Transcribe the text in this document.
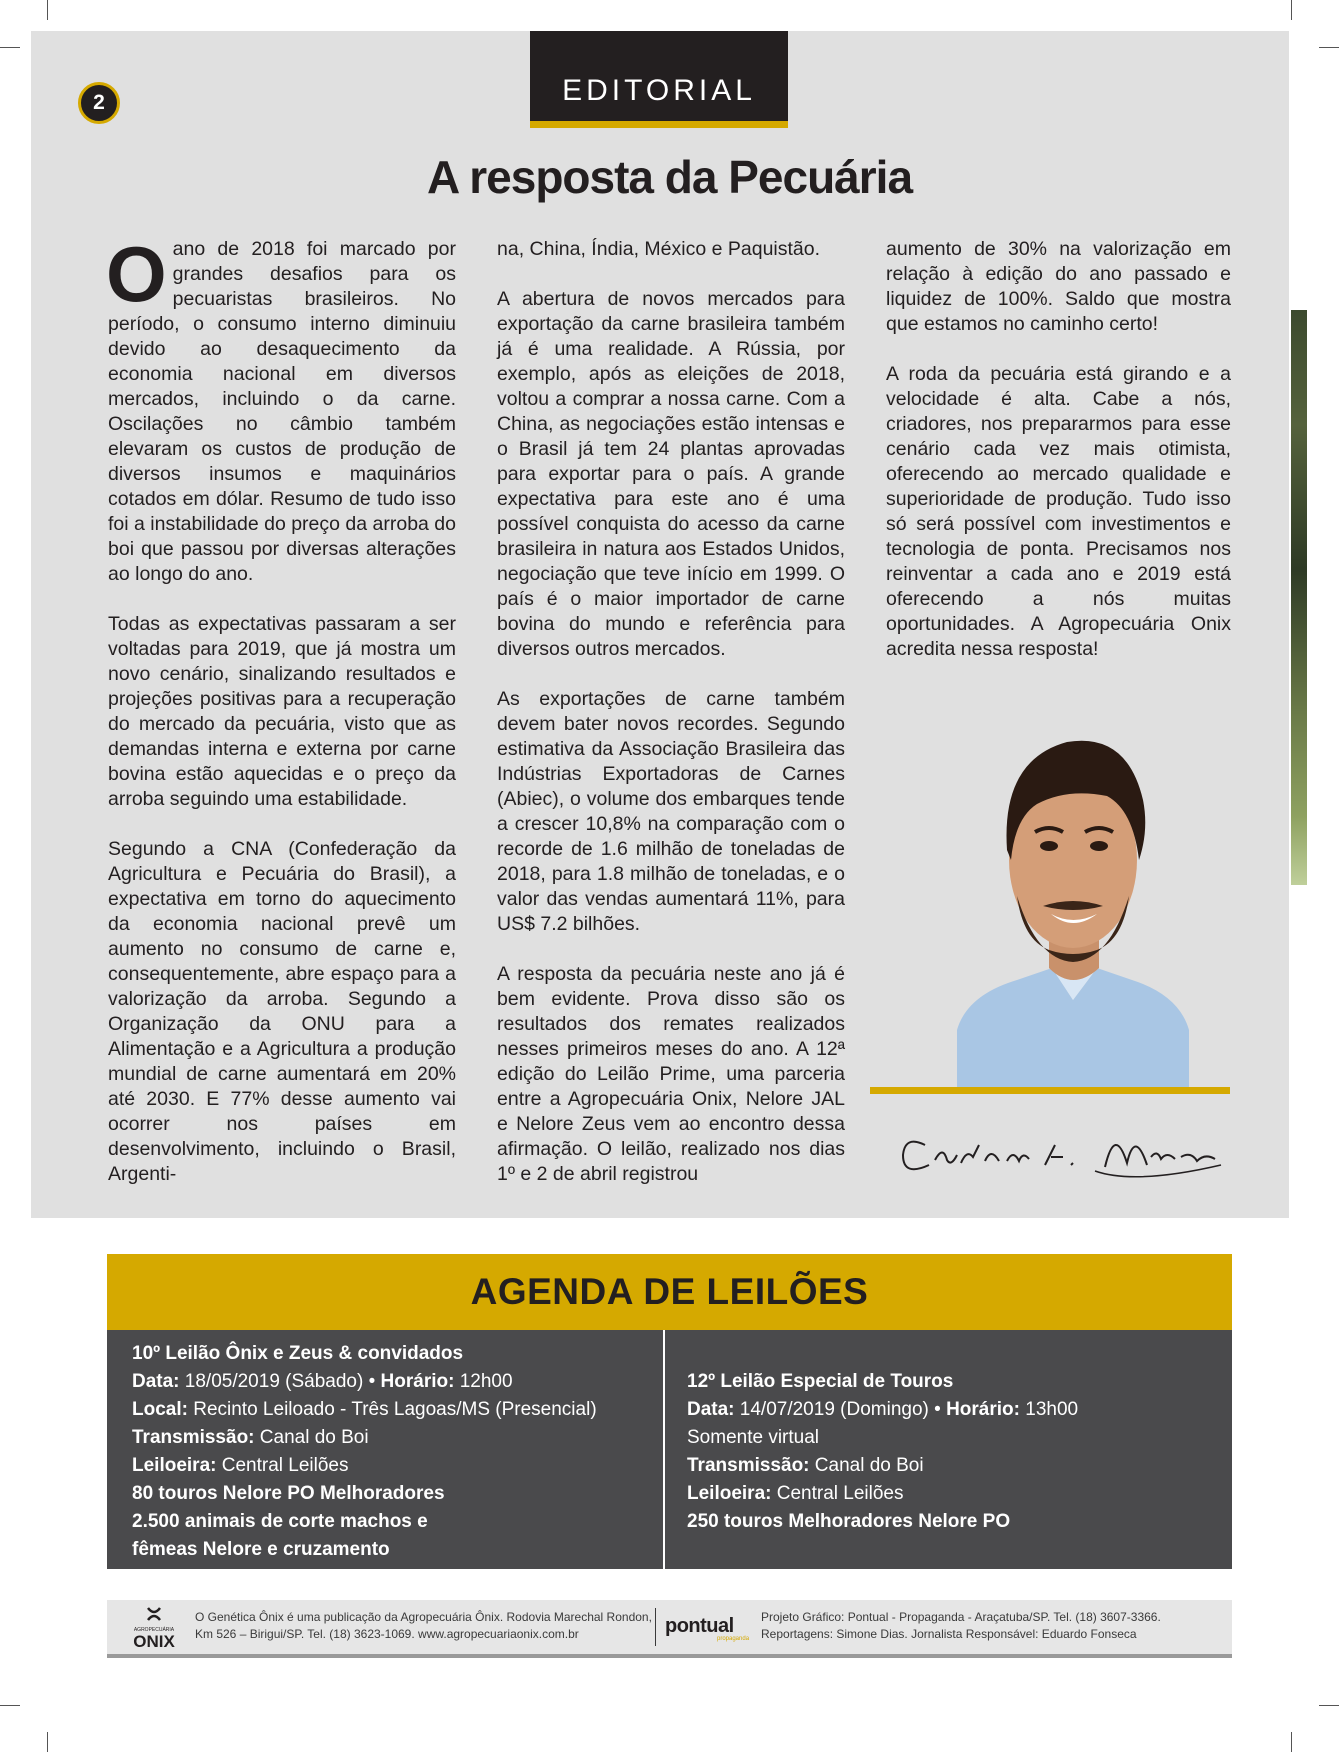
2	EDITORIAL
A resposta da Pecuária

O ano de 2018 foi marcado por grandes desafios para os pecuaristas brasileiros. No período, o consumo interno diminuiu devido ao desaquecimento da economia nacional em diversos mercados, incluindo o da carne. Oscilações no câmbio também elevaram os custos de produção de diversos insumos e maquinários cotados em dólar. Resumo de tudo isso foi a instabilidade do preço da arroba do boi que passou por diversas alterações ao longo do ano.

Todas as expectativas passaram a ser voltadas para 2019, que já mostra um novo cenário, sinalizando resultados e projeções positivas para a recuperação do mercado da pecuária, visto que as demandas interna e externa por carne bovina estão aquecidas e o preço da arroba seguindo uma estabilidade.

Segundo a CNA (Confederação da Agricultura e Pecuária do Brasil), a expectativa em torno do aquecimento da economia nacional prevê um aumento no consumo de carne e, consequentemente, abre espaço para a valorização da arroba. Segundo a Organização da ONU para a Alimentação e a Agricultura a produção mundial de carne aumentará em 20% até 2030. E 77% desse aumento vai ocorrer nos países em desenvolvimento, incluindo o Brasil, Argenti-

na, China, Índia, México e Paquistão.

A abertura de novos mercados para exportação da carne brasileira também já é uma realidade. A Rússia, por exemplo, após as eleições de 2018, voltou a comprar a nossa carne. Com a China, as negociações estão intensas e o Brasil já tem 24 plantas aprovadas para exportar para o país. A grande expectativa para este ano é uma possível conquista do acesso da carne brasileira in natura aos Estados Unidos, negociação que teve início em 1999. O país é o maior importador de carne bovina do mundo e referência para diversos outros mercados.

As exportações de carne também devem bater novos recordes. Segundo estimativa da Associação Brasileira das Indústrias Exportadoras de Carnes (Abiec), o volume dos embarques tende a crescer 10,8% na comparação com o recorde de 1.6 milhão de toneladas de 2018, para 1.8 milhão de toneladas, e o valor das vendas aumentará 11%, para US$ 7.2 bilhões.

A resposta da pecuária neste ano já é bem evidente. Prova disso são os resultados dos remates realizados nesses primeiros meses do ano. A 12ª edição do Leilão Prime, uma parceria entre a Agropecuária Onix, Nelore JAL e Nelore Zeus vem ao encontro dessa afirmação. O leilão, realizado nos dias 1º e 2 de abril registrou

aumento de 30% na valorização em relação à edição do ano passado e liquidez de 100%. Saldo que mostra que estamos no caminho certo!

A roda da pecuária está girando e a velocidade é alta. Cabe a nós, criadores, nos prepararmos para esse cenário cada vez mais otimista, oferecendo ao mercado qualidade e superioridade de produção. Tudo isso só será possível com investimentos e tecnologia de ponta. Precisamos nos reinventar a cada ano e 2019 está oferecendo a nós muitas oportunidades. A Agropecuária Onix acredita nessa resposta!

AGENDA DE LEILÕES
10º Leilão Ônix e Zeus & convidados
Data: 18/05/2019 (Sábado) • Horário: 12h00
Local: Recinto Leiloado - Três Lagoas/MS (Presencial)
Transmissão: Canal do Boi
Leiloeira: Central Leilões
80 touros Nelore PO Melhoradores
2.500 animais de corte machos e
fêmeas Nelore e cruzamento
12º Leilão Especial de Touros
Data: 14/07/2019 (Domingo) • Horário: 13h00
Somente virtual
Transmissão: Canal do Boi
Leiloeira: Central Leilões
250 touros Melhoradores Nelore PO
AGROPECUÁRIA
ONIX
O Genética Ônix é uma publicação da Agropecuária Ônix. Rodovia Marechal Rondon,
Km 526 – Birigui/SP. Tel. (18) 3623-1069. www.agropecuariaonix.com.br	pontual
propaganda
Projeto Gráfico: Pontual - Propaganda - Araçatuba/SP. Tel. (18) 3607-3366.
Reportagens: Simone Dias. Jornalista Responsável: Eduardo Fonseca
